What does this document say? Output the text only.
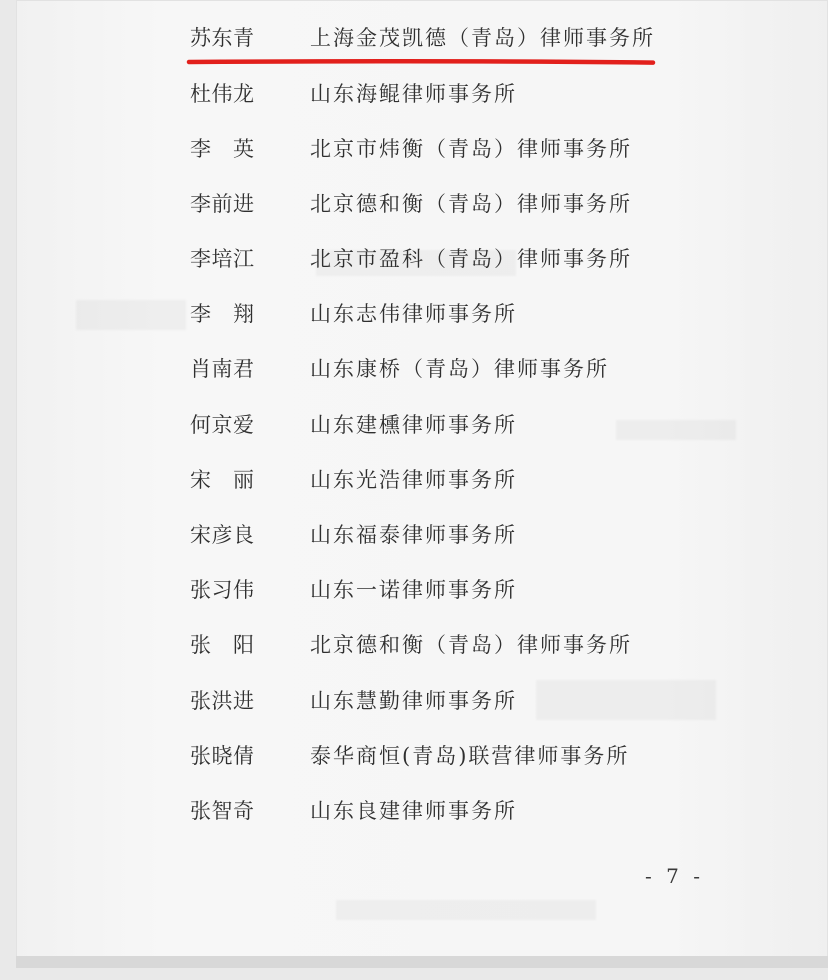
苏东青	上海金茂凯德（青岛）律师事务所
杜伟龙	山东海鲲律师事务所
李　英	北京市炜衡（青岛）律师事务所
李前进	北京德和衡（青岛）律师事务所
李培江	北京市盈科（青岛）律师事务所
李　翔	山东志伟律师事务所
肖南君	山东康桥（青岛）律师事务所
何京爱	山东建櫄律师事务所
宋　丽	山东光浩律师事务所
宋彦良	山东福泰律师事务所
张习伟	山东一诺律师事务所
张　阳	北京德和衡（青岛）律师事务所
张洪进	山东慧勤律师事务所
张晓倩	泰华商恒(青岛)联营律师事务所
张智奇	山东良建律师事务所
- 7 -
